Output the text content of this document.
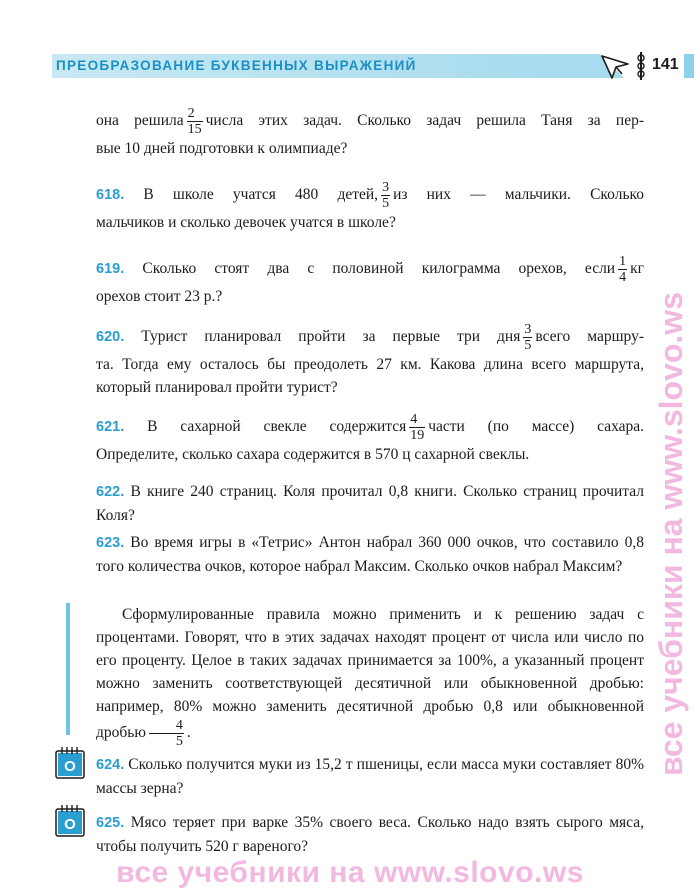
ПРЕОБРАЗОВАНИЕ БУКВЕННЫХ ВЫРАЖЕНИЙ	141
она решила $\frac{2}{15}$ числа этих задач. Сколько задач решила Таня за пер-
вые 10 дней подготовки к олимпиаде?
618. В школе учатся 480 детей, $\frac{3}{5}$ из них — мальчики. Сколько
мальчиков и сколько девочек учатся в школе?
619. Сколько стоят два с половиной килограмма орехов, если $\frac{1}{4}$ кг
орехов стоит 23 р.?
620. Турист планировал пройти за первые три дня $\frac{3}{5}$ всего маршру-
та. Тогда ему осталось бы преодолеть 27 км. Какова длина всего маршрута, который планировал пройти турист?
621. В сахарной свекле содержится $\frac{4}{19}$ части (по массе) сахара.
Определите, сколько сахара содержится в 570 ц сахарной свеклы.
622. В книге 240 страниц. Коля прочитал 0,8 книги. Сколько страниц прочитал Коля?
623. Во время игры в «Тетрис» Антон набрал 360 000 очков, что составило 0,8 того количества очков, которое набрал Максим. Сколько очков набрал Максим?
Сформулированные правила можно применить и к решению задач с процентами. Говорят, что в этих задачах находят процент от числа или число по его проценту. Целое в таких задачах принимается за 100%, а указанный процент можно заменить соответствующей десятичной или обыкновенной дробью: например, 80% можно заменить десятичной дробью 0,8 или обыкновенной дробью $\frac{4}{5}$ .
О 624. Сколько получится муки из 15,2 т пшеницы, если масса муки составляет 80% массы зерна?
О 625. Мясо теряет при варке 35% своего веса. Сколько надо взять сырого мяса, чтобы получить 520 г вареного?
все учебники на www.slovo.ws
все учебники на www.slovo.ws
